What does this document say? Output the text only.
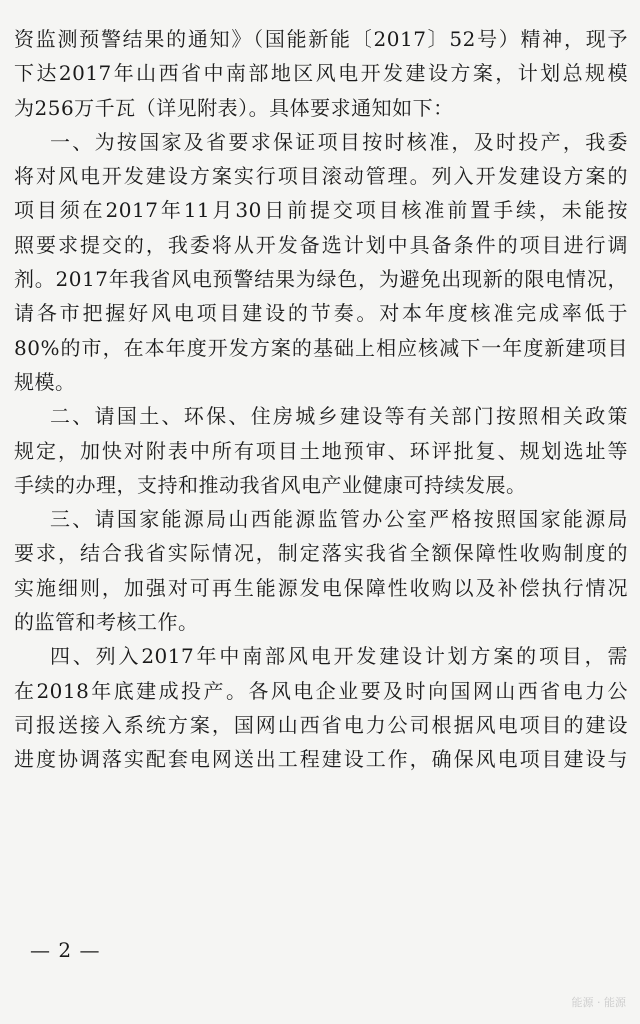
资监测预警结果的通知》（国能新能〔2017〕52号）精神，现予
下达2017年山西省中南部地区风电开发建设方案，计划总规模
为256万千瓦（详见附表）。具体要求通知如下：
一、为按国家及省要求保证项目按时核准，及时投产，我委
将对风电开发建设方案实行项目滚动管理。列入开发建设方案的
项目须在2017年11月30日前提交项目核准前置手续，未能按
照要求提交的，我委将从开发备选计划中具备条件的项目进行调
剂。2017年我省风电预警结果为绿色，为避免出现新的限电情况，
请各市把握好风电项目建设的节奏。对本年度核准完成率低于
80%的市，在本年度开发方案的基础上相应核减下一年度新建项目
规模。
二、请国土、环保、住房城乡建设等有关部门按照相关政策
规定，加快对附表中所有项目土地预审、环评批复、规划选址等
手续的办理，支持和推动我省风电产业健康可持续发展。
三、请国家能源局山西能源监管办公室严格按照国家能源局
要求，结合我省实际情况，制定落实我省全额保障性收购制度的
实施细则，加强对可再生能源发电保障性收购以及补偿执行情况
的监管和考核工作。
四、列入2017年中南部风电开发建设计划方案的项目，需
在2018年底建成投产。各风电企业要及时向国网山西省电力公
司报送接入系统方案，国网山西省电力公司根据风电项目的建设
进度协调落实配套电网送出工程建设工作，确保风电项目建设与
— 2 —
能源 · 能源
